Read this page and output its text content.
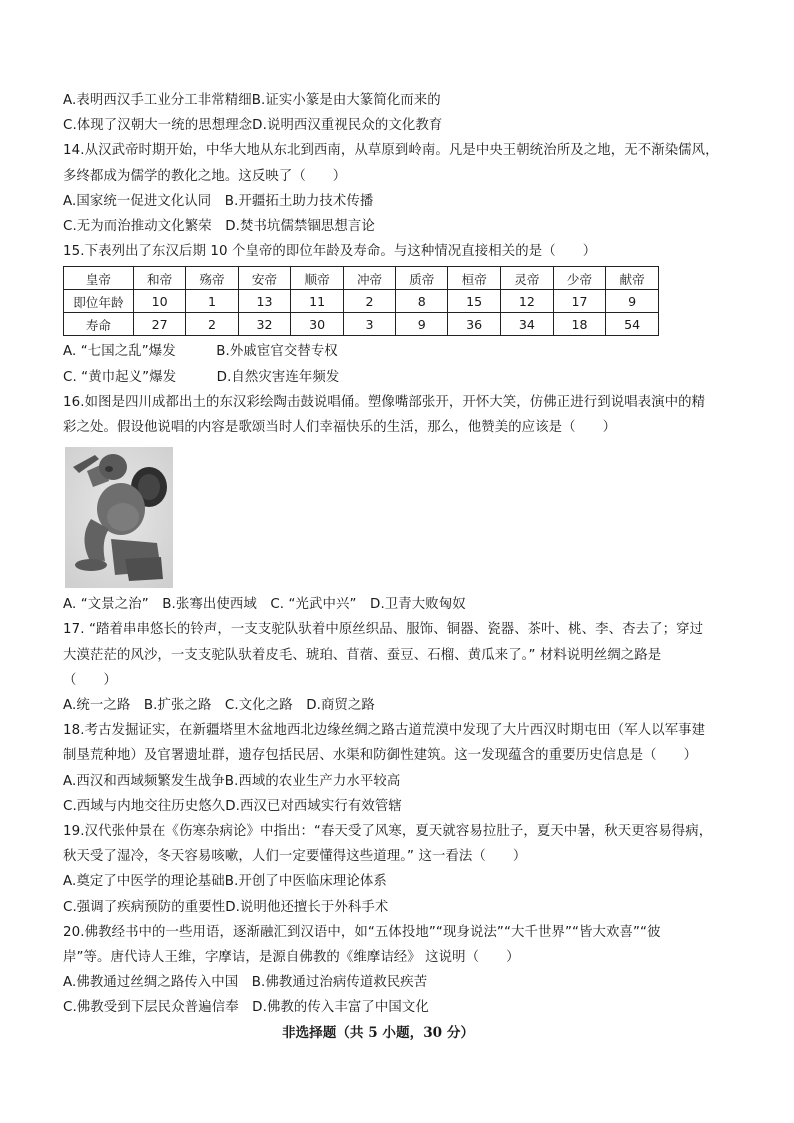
A.表明西汉手工业分工非常精细B.证实小篆是由大篆简化而来的
C.体现了汉朝大一统的思想理念D.说明西汉重视民众的文化教育
14.从汉武帝时期开始，中华大地从东北到西南，从草原到岭南。凡是中央王朝统治所及之地，无不渐染儒风，
多终都成为儒学的教化之地。这反映了（　　）
A.国家统一促进文化认同　B.开疆拓土助力技术传播
C.无为而治推动文化繁荣　D.焚书坑儒禁锢思想言论
15.下表列出了东汉后期 10 个皇帝的即位年龄及寿命。与这种情况直接相关的是（　　）
皇帝	和帝	殇帝	安帝	顺帝	冲帝	质帝	桓帝	灵帝	少帝	献帝
即位年龄	10	1	13	11	2	8	15	12	17	9
寿命	27	2	32	30	3	9	36	34	18	54
A. “七国之乱”爆发　　　B.外戚宦官交替专权
C. “黄巾起义”爆发　　　D.自然灾害连年频发
16.如图是四川成都出土的东汉彩绘陶击鼓说唱俑。塑像嘴部张开，开怀大笑，仿佛正进行到说唱表演中的精
彩之处。假设他说唱的内容是歌颂当时人们幸福快乐的生活，那么，他赞美的应该是（　　）
A. “文景之治”　B.张骞出使西域　C. “光武中兴”　D.卫青大败匈奴
17. “踏着串串悠长的铃声，一支支驼队驮着中原丝织品、服饰、铜器、瓷器、茶叶、桃、李、杏去了；穿过
大漠茫茫的风沙，一支支驼队驮着皮毛、琥珀、苜蓿、蚕豆、石榴、黄瓜来了。” 材料说明丝绸之路是
（　　）
A.统一之路　B.扩张之路　C.文化之路　D.商贸之路
18.考古发掘证实，在新疆塔里木盆地西北边缘丝绸之路古道荒漠中发现了大片西汉时期屯田（军人以军事建
制垦荒种地）及官署遗址群，遗存包括民居、水渠和防御性建筑。这一发现蕴含的重要历史信息是（　　）
A.西汉和西域频繁发生战争B.西域的农业生产力水平较高
C.西域与内地交往历史悠久D.西汉已对西域实行有效管辖
19.汉代张仲景在《伤寒杂病论》中指出：“春天受了风寒，夏天就容易拉肚子，夏天中暑，秋天更容易得病，
秋天受了湿冷，冬天容易咳嗽，人们一定要懂得这些道理。” 这一看法（　　）
A.奠定了中医学的理论基础B.开创了中医临床理论体系
C.强调了疾病预防的重要性D.说明他还擅长于外科手术
20.佛教经书中的一些用语，逐渐融汇到汉语中，如“五体投地”“现身说法”“大千世界”“皆大欢喜”“彼
岸”等。唐代诗人王维，字摩诘，是源自佛教的《维摩诘经》 这说明（　　）
A.佛教通过丝绸之路传入中国　B.佛教通过治病传道救民疾苦
C.佛教受到下层民众普遍信奉　D.佛教的传入丰富了中国文化
非选择题（共 5 小题，30 分）
